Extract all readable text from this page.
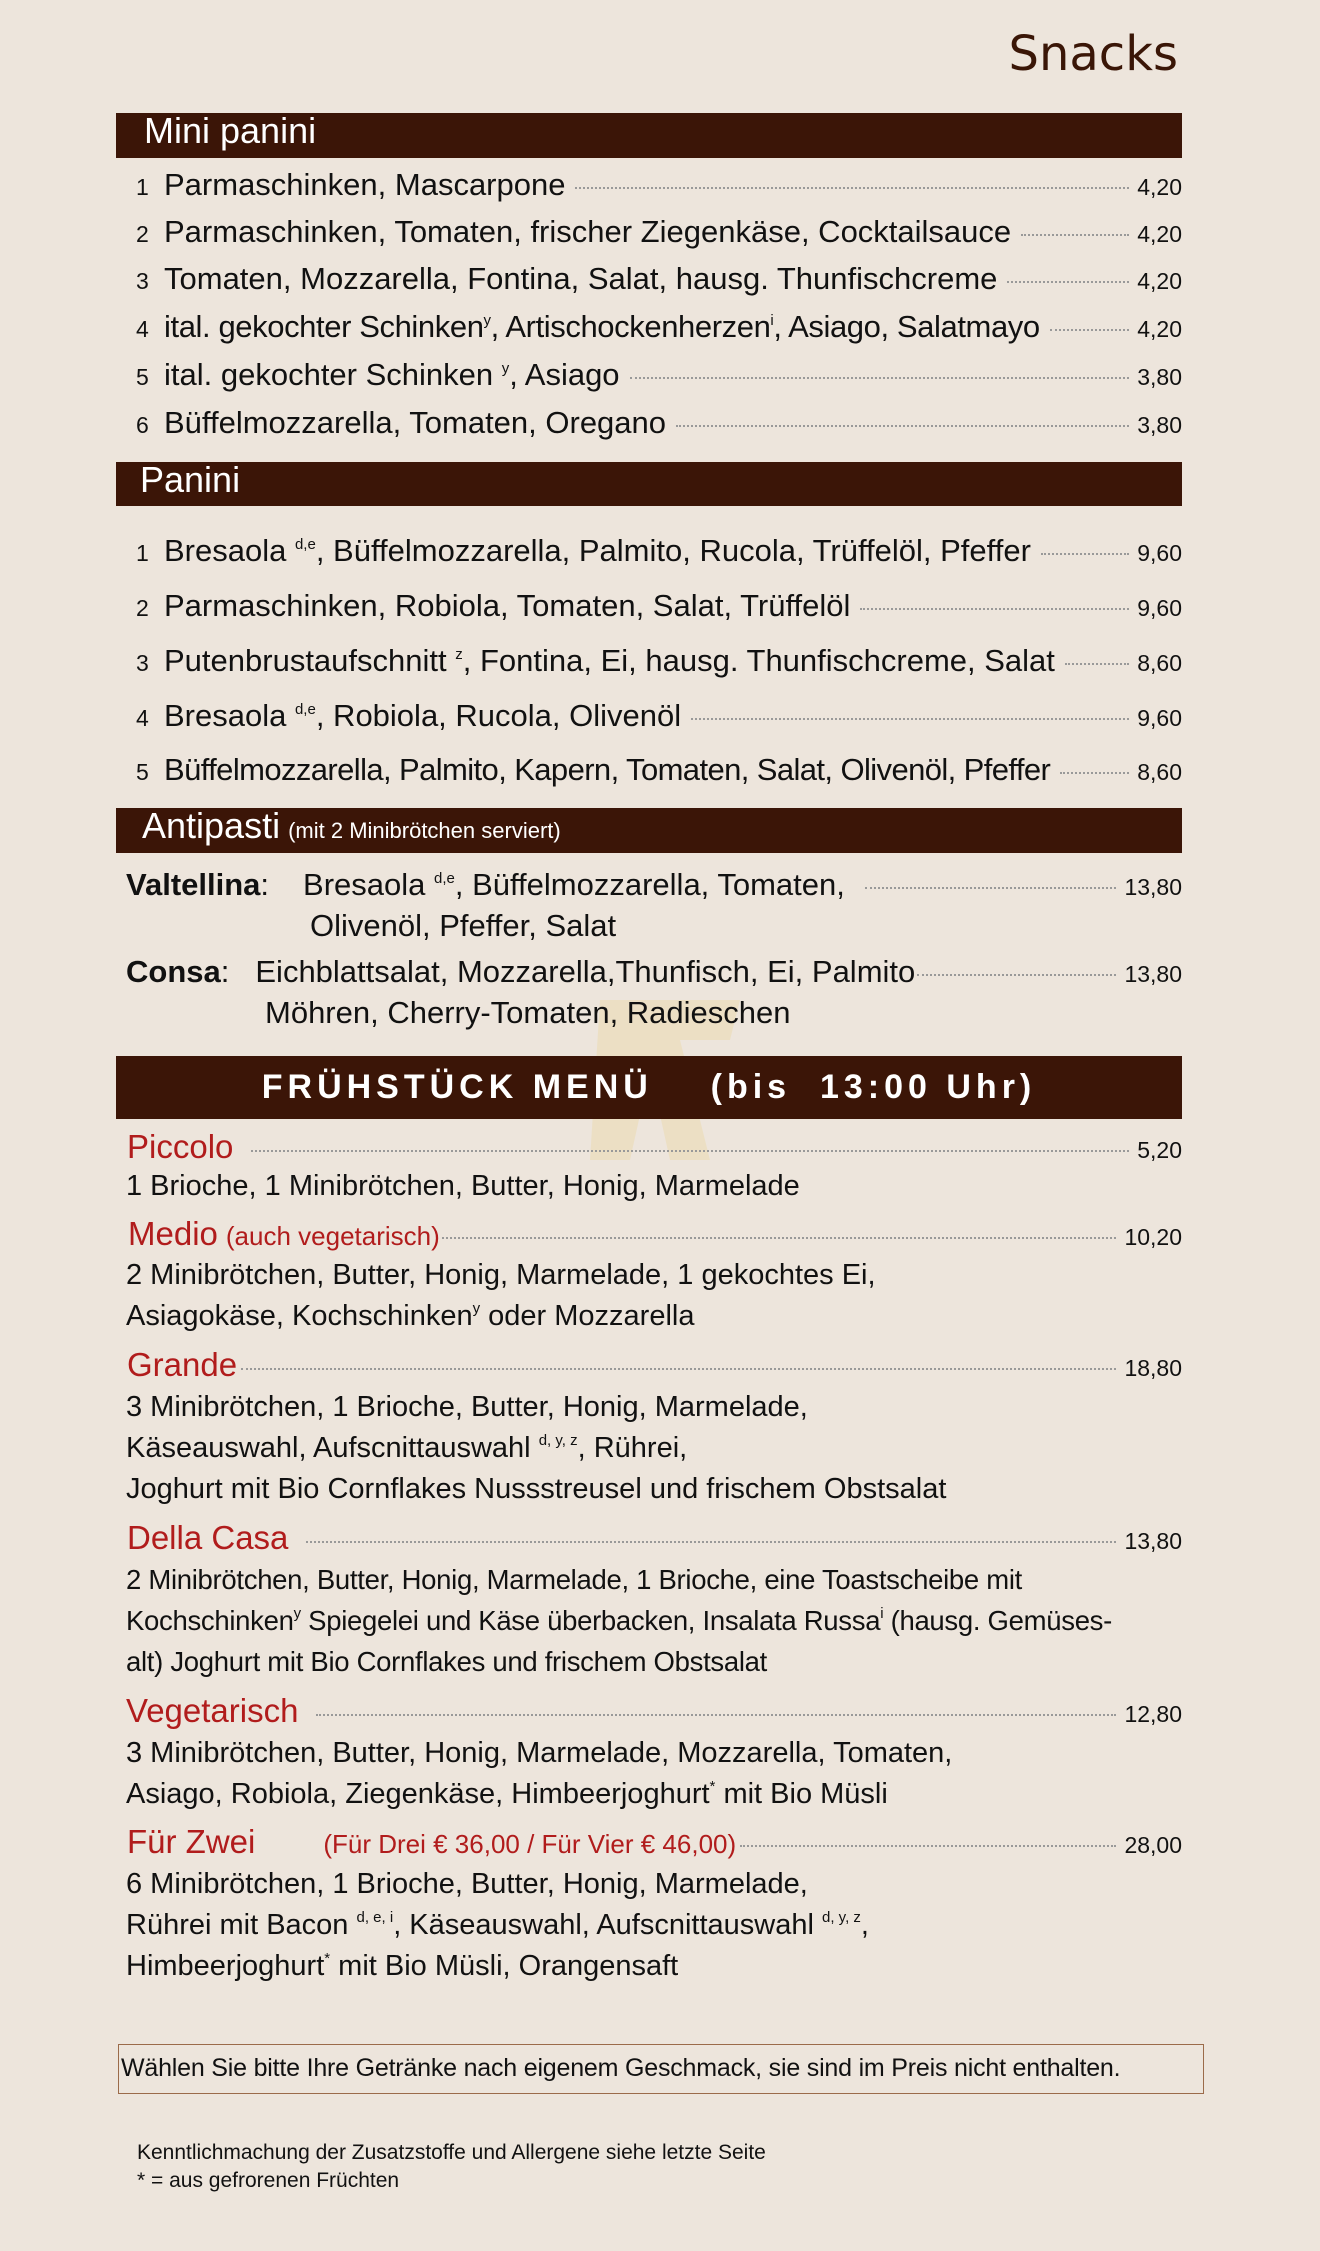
Snacks
Mini panini
1 Parmaschinken, Mascarpone	4,20
2 Parmaschinken, Tomaten, frischer Ziegenkäse, Cocktailsauce	4,20
3 Tomaten, Mozzarella, Fontina, Salat, hausg. Thunfischcreme	4,20
4 ital. gekochter Schinken$^y$, Artischockenherzen$^i$, Asiago, Salatmayo	4,20
5 ital. gekochter Schinken $^y$, Asiago	3,80
6 Büffelmozzarella, Tomaten, Oregano	3,80
Panini
1 Bresaola $^{d,e}$, Büffelmozzarella, Palmito, Rucola, Trüffelöl, Pfeffer	9,60
2 Parmaschinken, Robiola, Tomaten, Salat, Trüffelöl	9,60
3 Putenbrustaufschnitt $^z$, Fontina, Ei, hausg. Thunfischcreme, Salat	8,60
4 Bresaola $^{d,e}$, Robiola, Rucola, Olivenöl	9,60
5 Büffelmozzarella, Palmito, Kapern, Tomaten, Salat, Olivenöl, Pfeffer	8,60
Antipasti (mit 2 Minibrötchen serviert)
Valtellina : Bresaola $^{d,e}$, Büffelmozzarella, Tomaten,	13,80
Olivenöl, Pfeffer, Salat
Consa : Eichblattsalat, Mozzarella,Thunfisch, Ei, Palmito	13,80
Möhren, Cherry-Tomaten, Radieschen
FRÜHSTÜCK MENÜ    (bis  13:00 Uhr)
Piccolo	5,20
1 Brioche, 1 Minibrötchen, Butter, Honig, Marmelade
Medio (auch vegetarisch)	10,20
2 Minibrötchen, Butter, Honig, Marmelade, 1 gekochtes Ei,
Asiagokäse, Kochschinken$^y$ oder Mozzarella
Grande	18,80
3 Minibrötchen, 1 Brioche, Butter, Honig, Marmelade,
Käseauswahl, Aufscnittauswahl $^{d, y, z}$, Rührei,
Joghurt mit Bio Cornflakes Nussstreusel und frischem Obstsalat
Della Casa	13,80
2 Minibrötchen, Butter, Honig, Marmelade, 1 Brioche, eine Toastscheibe mit
Kochschinken$^y$ Spiegelei und Käse überbacken, Insalata Russa$^i$ (hausg. Gemüses-
alt) Joghurt mit Bio Cornflakes und frischem Obstsalat
Vegetarisch	12,80
3 Minibrötchen, Butter, Honig, Marmelade, Mozzarella, Tomaten,
Asiago, Robiola, Ziegenkäse, Himbeerjoghurt* mit Bio Müsli
Für Zwei	(Für Drei € 36,00 / Für Vier € 46,00)	28,00
6 Minibrötchen, 1 Brioche, Butter, Honig, Marmelade,
Rührei mit Bacon $^{d, e, i}$, Käseauswahl, Aufscnittauswahl $^{d, y, z}$,
Himbeerjoghurt* mit Bio Müsli, Orangensaft
Wählen Sie bitte Ihre Getränke nach eigenem Geschmack, sie sind im Preis nicht enthalten.
Kenntlichmachung der Zusatzstoffe und Allergene siehe letzte Seite
* = aus gefrorenen Früchten
